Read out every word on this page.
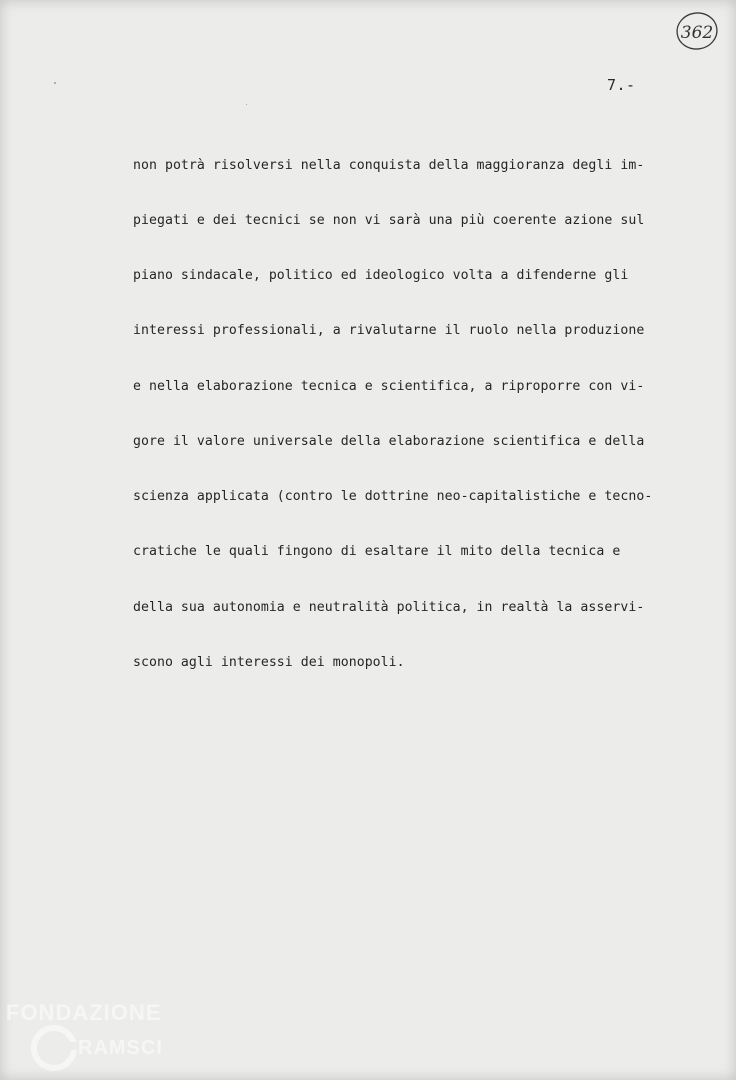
362
7.-

non potrà risolversi nella conquista della maggioranza degli im-

piegati e dei tecnici se non vi sarà una più coerente azione sul

piano sindacale, politico ed ideologico volta a difenderne gli

interessi professionali, a rivalutarne il ruolo nella produzione

e nella elaborazione tecnica e scientifica, a riproporre con vi-

gore il valore universale della elaborazione scientifica e della

scienza applicata (contro le dottrine neo-capitalistiche e tecno-

cratiche le quali fingono di esaltare il mito della tecnica e

della sua autonomia e neutralità politica, in realtà la asservi-

scono agli interessi dei monopoli.

FONDAZIONE
RAMSCI
